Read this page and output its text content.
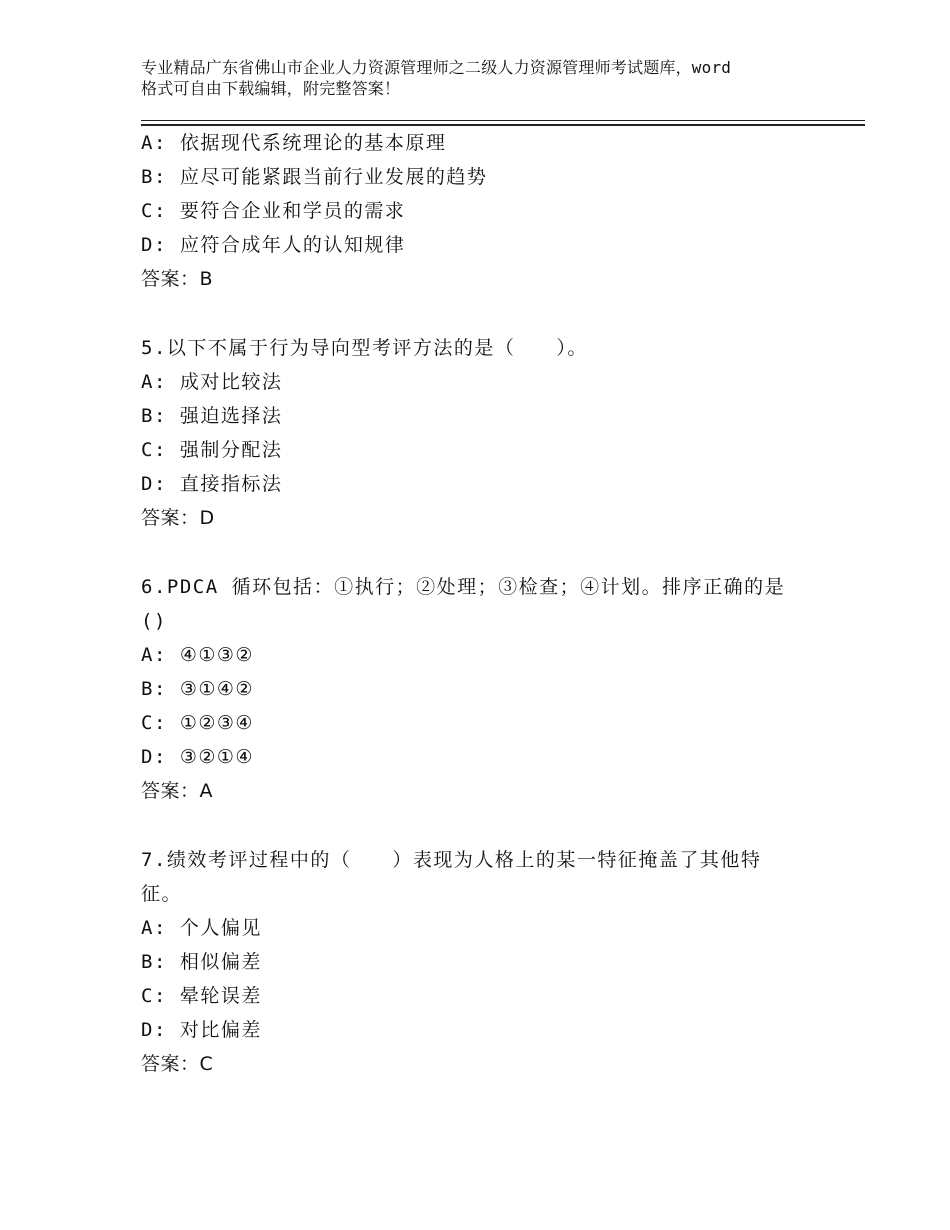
专业精品广东省佛山市企业人力资源管理师之二级人力资源管理师考试题库，word
格式可自由下载编辑，附完整答案！
A: 依据现代系统理论的基本原理
B: 应尽可能紧跟当前行业发展的趋势
C: 要符合企业和学员的需求
D: 应符合成年人的认知规律
答案：B
5.以下不属于行为导向型考评方法的是（　　）。
A: 成对比较法
B: 强迫选择法
C: 强制分配法
D: 直接指标法
答案：D
6.PDCA 循环包括：①执行；②处理；③检查；④计划。排序正确的是
()
A: ④①③②
B: ③①④②
C: ①②③④
D: ③②①④
答案：A
7.绩效考评过程中的（　　）表现为人格上的某一特征掩盖了其他特
征。
A: 个人偏见
B: 相似偏差
C: 晕轮误差
D: 对比偏差
答案：C
